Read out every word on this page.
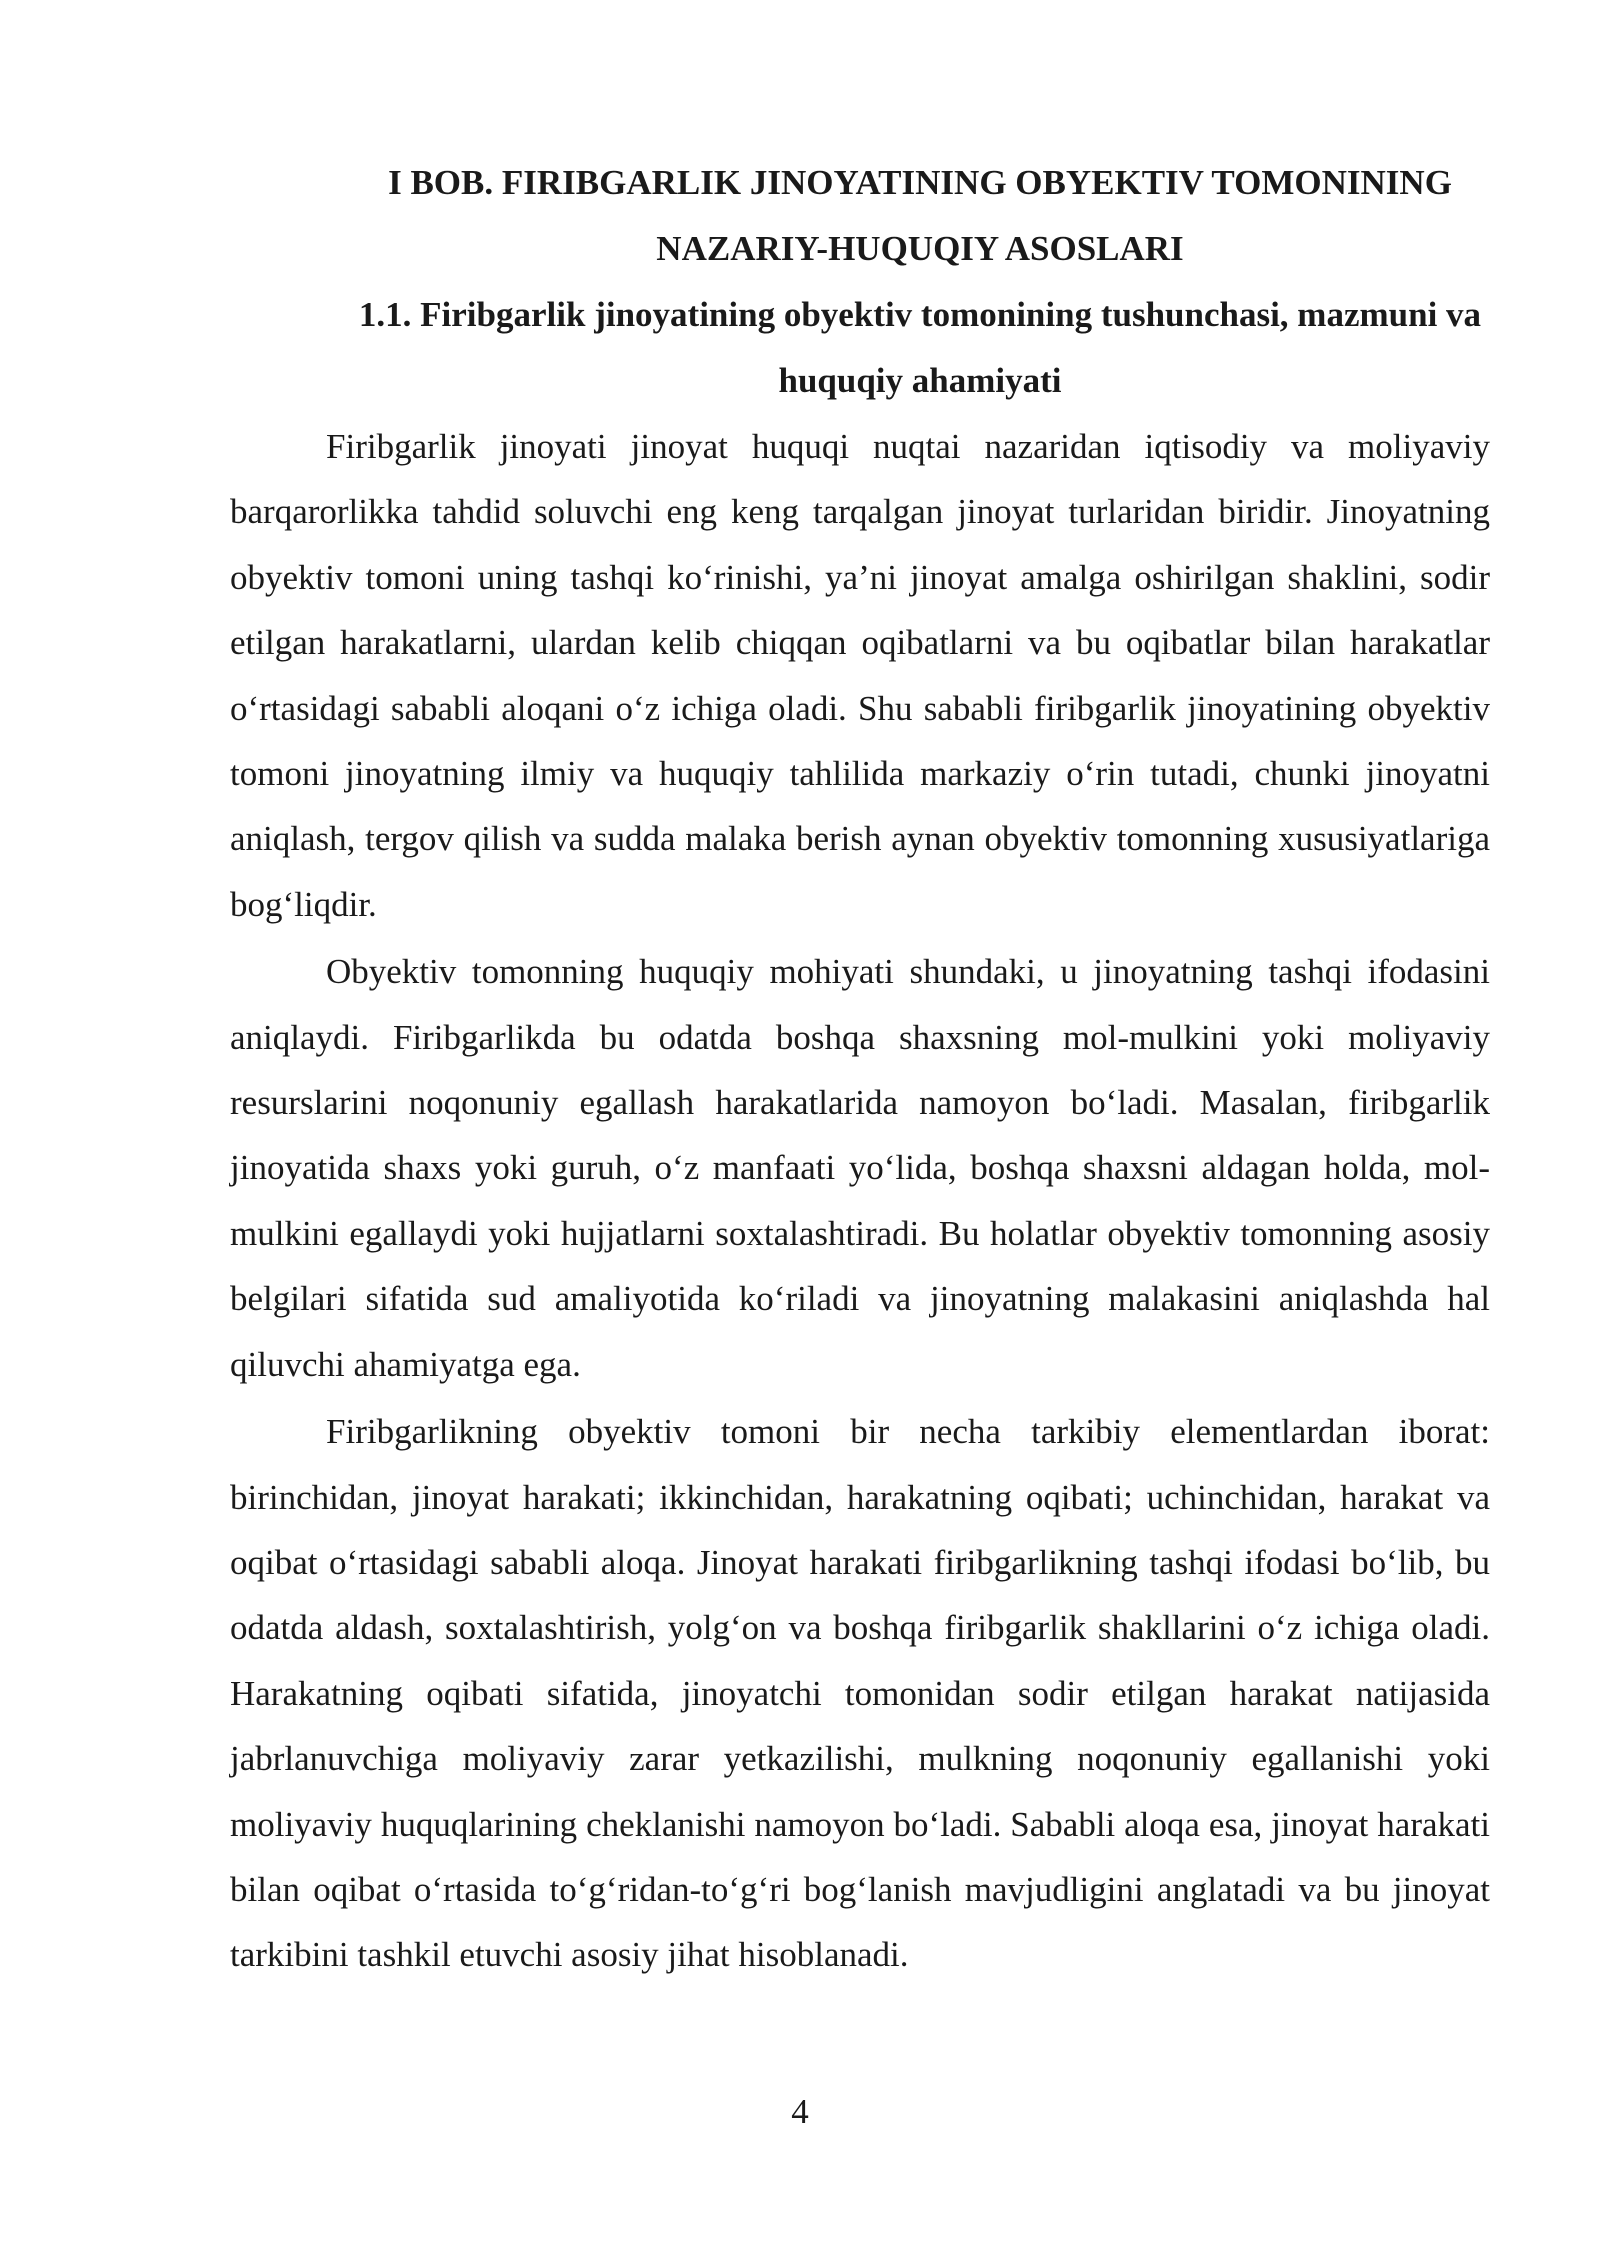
I BOB. FIRIBGARLIK JINOYATINING OBYEKTIV TOMONINING NAZARIY-HUQUQIY ASOSLARI
1.1. Firibgarlik jinoyatining obyektiv tomonining tushunchasi, mazmuni va huquqiy ahamiyati

Firibgarlik jinoyati jinoyat huquqi nuqtai nazaridan iqtisodiy va moliyaviy barqarorlikka tahdid soluvchi eng keng tarqalgan jinoyat turlaridan biridir. Jinoyatning obyektiv tomoni uning tashqi koʻrinishi, ya’ni jinoyat amalga oshirilgan shaklini, sodir etilgan harakatlarni, ulardan kelib chiqqan oqibatlarni va bu oqibatlar bilan harakatlar oʻrtasidagi sababli aloqani oʻz ichiga oladi. Shu sababli firibgarlik jinoyatining obyektiv tomoni jinoyatning ilmiy va huquqiy tahlilida markaziy oʻrin tutadi, chunki jinoyatni aniqlash, tergov qilish va sudda malaka berish aynan obyektiv tomonning xususiyatlariga bogʻliqdir.

Obyektiv tomonning huquqiy mohiyati shundaki, u jinoyatning tashqi ifodasini aniqlaydi. Firibgarlikda bu odatda boshqa shaxsning mol-mulkini yoki moliyaviy resurslarini noqonuniy egallash harakatlarida namoyon boʻladi. Masalan, firibgarlik jinoyatida shaxs yoki guruh, oʻz manfaati yoʻlida, boshqa shaxsni aldagan holda, mol-mulkini egallaydi yoki hujjatlarni soxtalashtiradi. Bu holatlar obyektiv tomonning asosiy belgilari sifatida sud amaliyotida koʻriladi va jinoyatning malakasini aniqlashda hal qiluvchi ahamiyatga ega.

Firibgarlikning obyektiv tomoni bir necha tarkibiy elementlardan iborat: birinchidan, jinoyat harakati; ikkinchidan, harakatning oqibati; uchinchidan, harakat va oqibat oʻrtasidagi sababli aloqa. Jinoyat harakati firibgarlikning tashqi ifodasi boʻlib, bu odatda aldash, soxtalashtirish, yolgʻon va boshqa firibgarlik shakllarini oʻz ichiga oladi. Harakatning oqibati sifatida, jinoyatchi tomonidan sodir etilgan harakat natijasida jabrlanuvchiga moliyaviy zarar yetkazilishi, mulkning noqonuniy egallanishi yoki moliyaviy huquqlarining cheklanishi namoyon boʻladi. Sababli aloqa esa, jinoyat harakati bilan oqibat oʻrtasida toʻgʻridan-toʻgʻri bogʻlanish mavjudligini anglatadi va bu jinoyat tarkibini tashkil etuvchi asosiy jihat hisoblanadi.

4
